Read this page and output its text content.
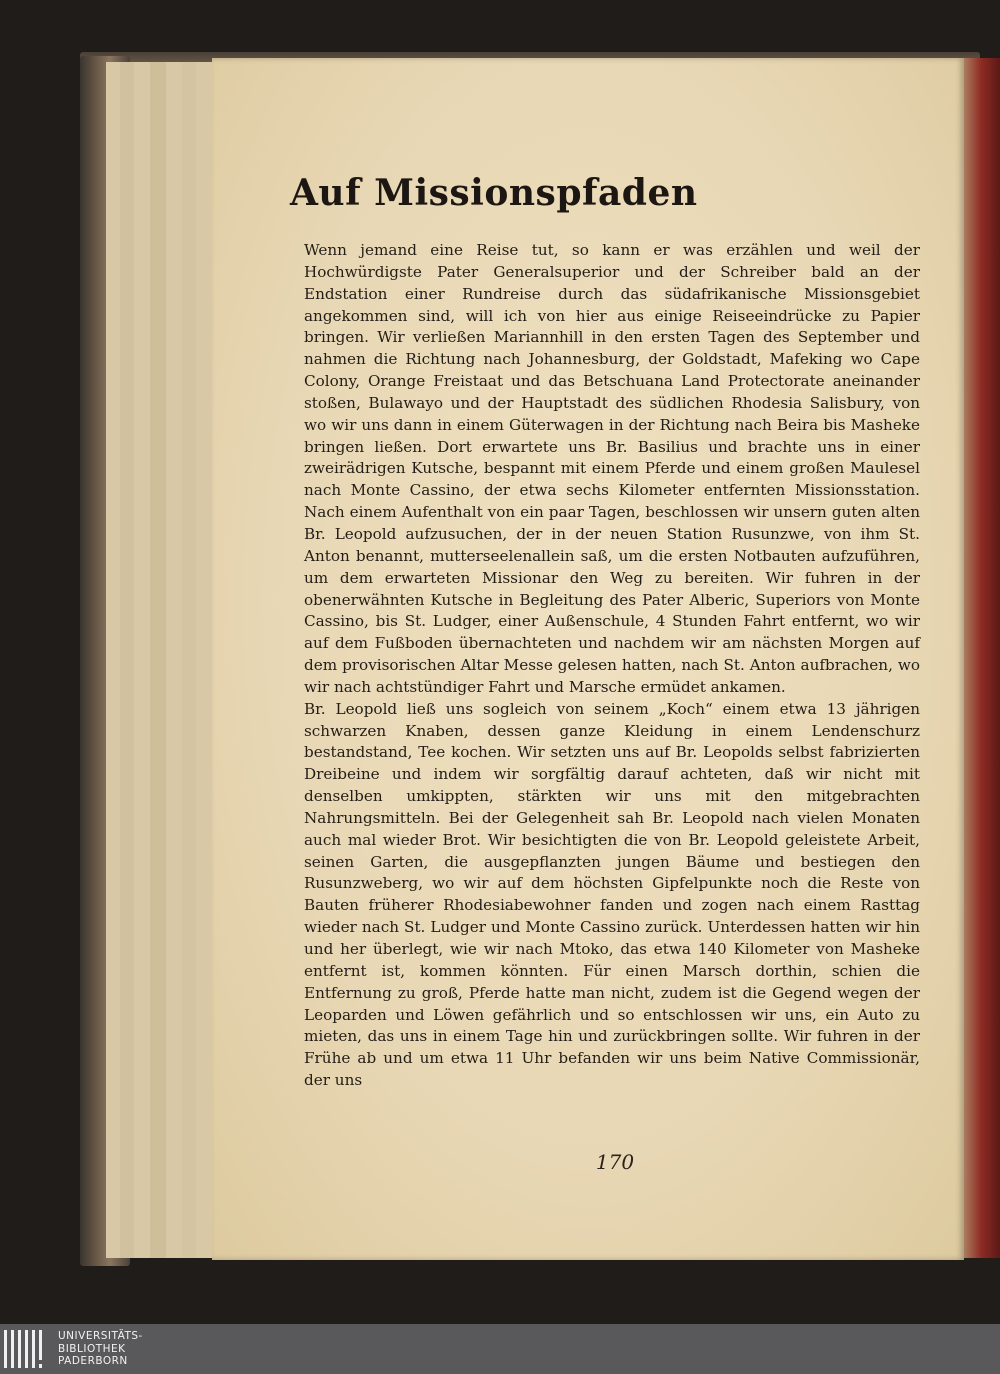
Auf Missionspfaden

Wenn jemand eine Reise tut, so kann er was erzählen und weil der Hochwürdigste Pater Generalsuperior und der Schreiber bald an der Endstation einer Rundreise durch das südafrikanische Missionsgebiet angekommen sind, will ich von hier aus einige Reiseeindrücke zu Papier bringen. Wir verließen Mariannhill in den ersten Tagen des September und nahmen die Richtung nach Johannesburg, der Goldstadt, Mafeking wo Cape Colony, Orange Freistaat und das Betschuana Land Protectorate aneinander stoßen, Bulawayo und der Hauptstadt des südlichen Rhodesia Salisbury, von wo wir uns dann in einem Güterwagen in der Richtung nach Beira bis Masheke bringen ließen. Dort erwartete uns Br. Basilius und brachte uns in einer zweirädrigen Kutsche, bespannt mit einem Pferde und einem großen Maulesel nach Monte Cassino, der etwa sechs Kilometer entfernten Missionsstation. Nach einem Aufenthalt von ein paar Tagen, beschlossen wir unsern guten alten Br. Leopold aufzusuchen, der in der neuen Station Rusunzwe, von ihm St. Anton benannt, mutterseelenallein saß, um die ersten Notbauten aufzuführen, um dem erwarteten Missionar den Weg zu bereiten. Wir fuhren in der obenerwähnten Kutsche in Begleitung des Pater Alberic, Superiors von Monte Cassino, bis St. Ludger, einer Außenschule, 4 Stunden Fahrt entfernt, wo wir auf dem Fußboden übernachteten und nachdem wir am nächsten Morgen auf dem provisorischen Altar Messe gelesen hatten, nach St. Anton aufbrachen, wo wir nach achtstündiger Fahrt und Marsche ermüdet ankamen.

Br. Leopold ließ uns sogleich von seinem „Koch“ einem etwa 13 jährigen schwarzen Knaben, dessen ganze Kleidung in einem Lendenschurz bestandstand, Tee kochen. Wir setzten uns auf Br. Leopolds selbst fabrizierten Dreibeine und indem wir sorgfältig darauf achteten, daß wir nicht mit denselben umkippten, stärkten wir uns mit den mitgebrachten Nahrungsmitteln. Bei der Gelegenheit sah Br. Leopold nach vielen Monaten auch mal wieder Brot. Wir besichtigten die von Br. Leopold geleistete Arbeit, seinen Garten, die ausgepflanzten jungen Bäume und bestiegen den Rusunzweberg, wo wir auf dem höchsten Gipfelpunkte noch die Reste von Bauten früherer Rhodesiabewohner fanden und zogen nach einem Rasttag wieder nach St. Ludger und Monte Cassino zurück. Unterdessen hatten wir hin und her überlegt, wie wir nach Mtoko, das etwa 140 Kilometer von Masheke entfernt ist, kommen könnten. Für einen Marsch dorthin, schien die Entfernung zu groß, Pferde hatte man nicht, zudem ist die Gegend wegen der Leoparden und Löwen gefährlich und so entschlossen wir uns, ein Auto zu mieten, das uns in einem Tage hin und zurückbringen sollte. Wir fuhren in der Frühe ab und um etwa 11 Uhr befanden wir uns beim Native Commissionär, der uns

170
UNIVERSITÄTS-
BIBLIOTHEK
PADERBORN
